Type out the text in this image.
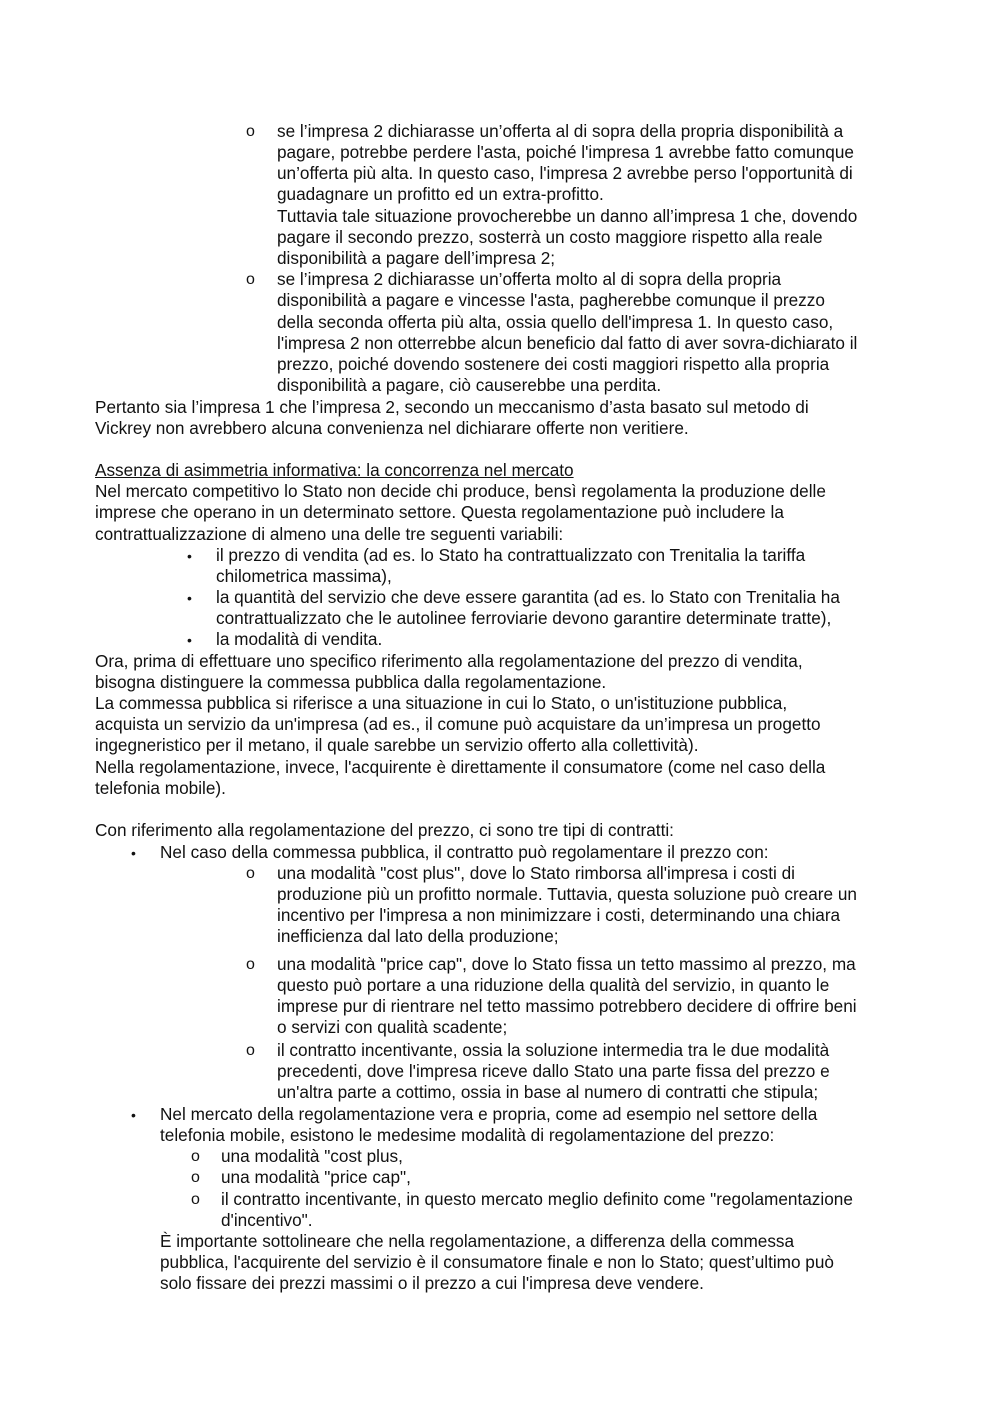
o se l’impresa 2 dichiarasse un’offerta al di sopra della propria disponibilità a
pagare, potrebbe perdere l'asta, poiché l'impresa 1 avrebbe fatto comunque
un’offerta più alta. In questo caso, l'impresa 2 avrebbe perso l'opportunità di
guadagnare un profitto ed un extra-profitto.
Tuttavia tale situazione provocherebbe un danno all’impresa 1 che, dovendo
pagare il secondo prezzo, sosterrà un costo maggiore rispetto alla reale
disponibilità a pagare dell’impresa 2;
o se l’impresa 2 dichiarasse un’offerta molto al di sopra della propria
disponibilità a pagare e vincesse l'asta, pagherebbe comunque il prezzo
della seconda offerta più alta, ossia quello dell'impresa 1. In questo caso,
l'impresa 2 non otterrebbe alcun beneficio dal fatto di aver sovra-dichiarato il
prezzo, poiché dovendo sostenere dei costi maggiori rispetto alla propria
disponibilità a pagare, ciò causerebbe una perdita.
Pertanto sia l’impresa 1 che l’impresa 2, secondo un meccanismo d’asta basato sul metodo di
Vickrey non avrebbero alcuna convenienza nel dichiarare offerte non veritiere.
Assenza di asimmetria informativa: la concorrenza nel mercato
Nel mercato competitivo lo Stato non decide chi produce, bensì regolamenta la produzione delle
imprese che operano in un determinato settore. Questa regolamentazione può includere la
contrattualizzazione di almeno una delle tre seguenti variabili:
• il prezzo di vendita (ad es. lo Stato ha contrattualizzato con Trenitalia la tariffa
chilometrica massima),
• la quantità del servizio che deve essere garantita (ad es. lo Stato con Trenitalia ha
contrattualizzato che le autolinee ferroviarie devono garantire determinate tratte),
• la modalità di vendita.
Ora, prima di effettuare uno specifico riferimento alla regolamentazione del prezzo di vendita,
bisogna distinguere la commessa pubblica dalla regolamentazione.
La commessa pubblica si riferisce a una situazione in cui lo Stato, o un'istituzione pubblica,
acquista un servizio da un'impresa (ad es., il comune può acquistare da un’impresa un progetto
ingegneristico per il metano, il quale sarebbe un servizio offerto alla collettività).
Nella regolamentazione, invece, l'acquirente è direttamente il consumatore (come nel caso della
telefonia mobile).
Con riferimento alla regolamentazione del prezzo, ci sono tre tipi di contratti:
• Nel caso della commessa pubblica, il contratto può regolamentare il prezzo con:
o una modalità "cost plus", dove lo Stato rimborsa all'impresa i costi di
produzione più un profitto normale. Tuttavia, questa soluzione può creare un
incentivo per l'impresa a non minimizzare i costi, determinando una chiara
inefficienza dal lato della produzione;
o una modalità "price cap", dove lo Stato fissa un tetto massimo al prezzo, ma
questo può portare a una riduzione della qualità del servizio, in quanto le
imprese pur di rientrare nel tetto massimo potrebbero decidere di offrire beni
o servizi con qualità scadente;
o il contratto incentivante, ossia la soluzione intermedia tra le due modalità
precedenti, dove l'impresa riceve dallo Stato una parte fissa del prezzo e
un'altra parte a cottimo, ossia in base al numero di contratti che stipula;
• Nel mercato della regolamentazione vera e propria, come ad esempio nel settore della
telefonia mobile, esistono le medesime modalità di regolamentazione del prezzo:
o una modalità "cost plus,
o una modalità "price cap",
o il contratto incentivante, in questo mercato meglio definito come "regolamentazione
d'incentivo".
È importante sottolineare che nella regolamentazione, a differenza della commessa
pubblica, l'acquirente del servizio è il consumatore finale e non lo Stato; quest’ultimo può
solo fissare dei prezzi massimi o il prezzo a cui l'impresa deve vendere.
